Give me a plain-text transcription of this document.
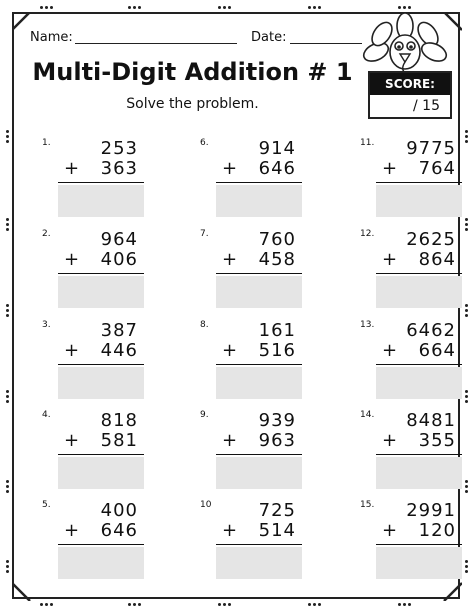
Name:	Date:
Multi-Digit Addition # 1
Solve the problem.
SCORE:
/ 15
1.	253
+ 363
2.	964
+ 406
3.	387
+ 446
4.	818
+ 581
5.	400
+ 646
6.	914
+ 646
7.	760
+ 458
8.	161
+ 516
9.	939
+ 963
10	725
+ 514
11. 9775
+ 764
12. 2625
+ 864
13. 6462
+ 664
14. 8481
+ 355
15. 2991
+ 120
